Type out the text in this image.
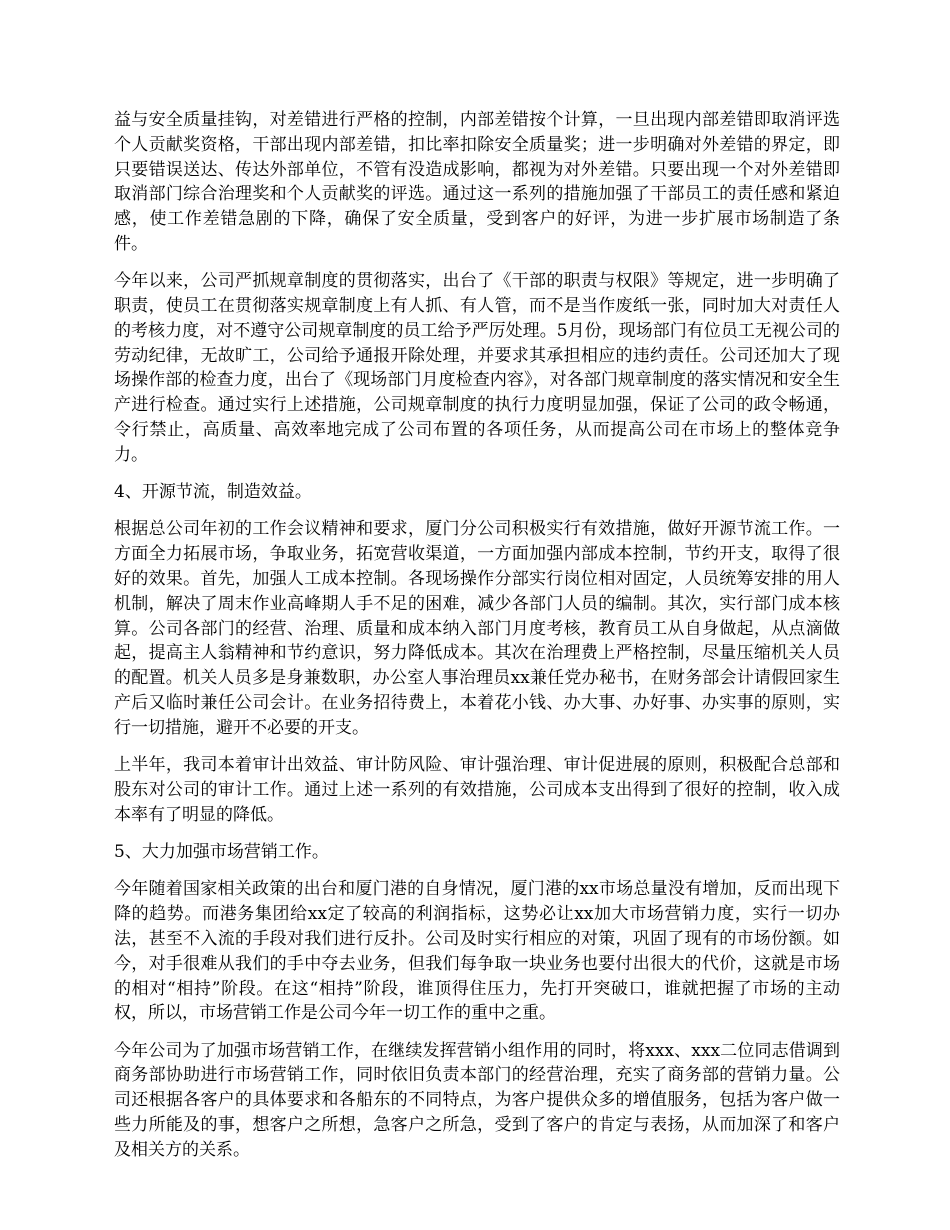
益与安全质量挂钩，对差错进行严格的控制，内部差错按个计算，一旦出现内部差错即取消评选个人贡献奖资格，干部出现内部差错，扣比率扣除安全质量奖；进一步明确对外差错的界定，即只要错误送达、传达外部单位，不管有没造成影响，都视为对外差错。只要出现一个对外差错即取消部门综合治理奖和个人贡献奖的评选。通过这一系列的措施加强了干部员工的责任感和紧迫感，使工作差错急剧的下降，确保了安全质量，受到客户的好评，为进一步扩展市场制造了条件。

今年以来，公司严抓规章制度的贯彻落实，出台了《干部的职责与权限》等规定，进一步明确了职责，使员工在贯彻落实规章制度上有人抓、有人管，而不是当作废纸一张，同时加大对责任人的考核力度，对不遵守公司规章制度的员工给予严厉处理。5月份，现场部门有位员工无视公司的劳动纪律，无故旷工，公司给予通报开除处理，并要求其承担相应的违约责任。公司还加大了现场操作部的检查力度，出台了《现场部门月度检查内容》，对各部门规章制度的落实情况和安全生产进行检查。通过实行上述措施，公司规章制度的执行力度明显加强，保证了公司的政令畅通，令行禁止，高质量、高效率地完成了公司布置的各项任务，从而提高公司在市场上的整体竞争力。

4、开源节流，制造效益。

根据总公司年初的工作会议精神和要求，厦门分公司积极实行有效措施，做好开源节流工作。一方面全力拓展市场，争取业务，拓宽营收渠道，一方面加强内部成本控制，节约开支，取得了很好的效果。首先，加强人工成本控制。各现场操作分部实行岗位相对固定，人员统筹安排的用人机制，解决了周末作业高峰期人手不足的困难，减少各部门人员的编制。其次，实行部门成本核算。公司各部门的经营、治理、质量和成本纳入部门月度考核，教育员工从自身做起，从点滴做起，提高主人翁精神和节约意识，努力降低成本。其次在治理费上严格控制，尽量压缩机关人员的配置。机关人员多是身兼数职，办公室人事治理员xx兼任党办秘书，在财务部会计请假回家生产后又临时兼任公司会计。在业务招待费上，本着花小钱、办大事、办好事、办实事的原则，实行一切措施，避开不必要的开支。

上半年，我司本着审计出效益、审计防风险、审计强治理、审计促进展的原则，积极配合总部和股东对公司的审计工作。通过上述一系列的有效措施，公司成本支出得到了很好的控制，收入成本率有了明显的降低。

5、大力加强市场营销工作。

今年随着国家相关政策的出台和厦门港的自身情况，厦门港的xx市场总量没有增加，反而出现下降的趋势。而港务集团给xx定了较高的利润指标，这势必让xx加大市场营销力度，实行一切办法，甚至不入流的手段对我们进行反扑。公司及时实行相应的对策，巩固了现有的市场份额。如今，对手很难从我们的手中夺去业务，但我们每争取一块业务也要付出很大的代价，这就是市场的相对“相持”阶段。在这“相持”阶段，谁顶得住压力，先打开突破口，谁就把握了市场的主动权，所以，市场营销工作是公司今年一切工作的重中之重。

今年公司为了加强市场营销工作，在继续发挥营销小组作用的同时，将xxx、xxx二位同志借调到商务部协助进行市场营销工作，同时依旧负责本部门的经营治理，充实了商务部的营销力量。公司还根据各客户的具体要求和各船东的不同特点，为客户提供众多的增值服务，包括为客户做一些力所能及的事，想客户之所想，急客户之所急，受到了客户的肯定与表扬，从而加深了和客户及相关方的关系。
